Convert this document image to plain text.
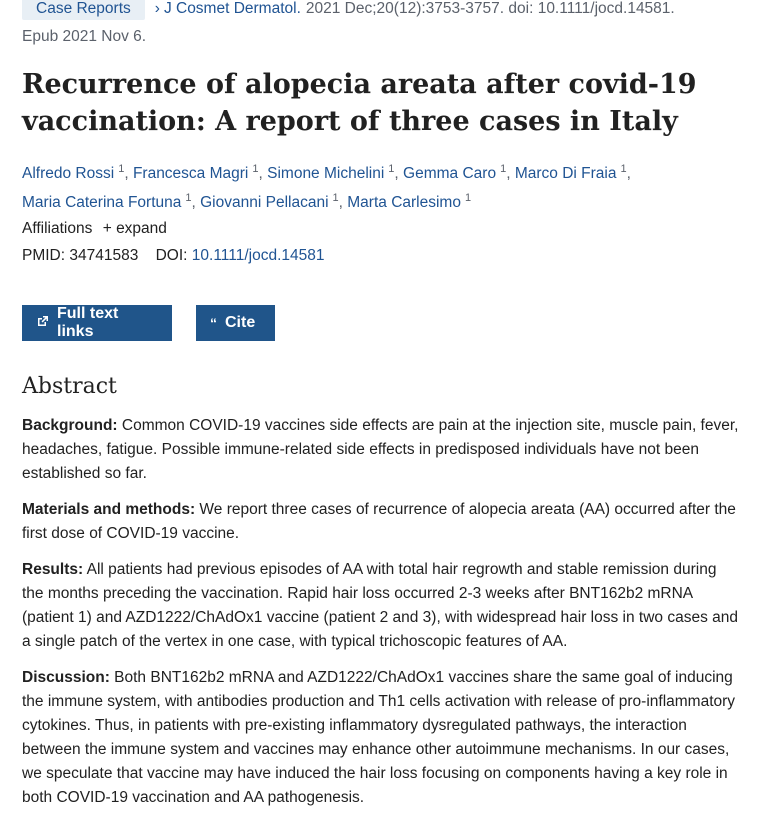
Case Reports	› J Cosmet Dermatol. 2021 Dec;20(12):3753-3757. doi: 10.1111/jocd.14581.
Epub 2021 Nov 6.
Recurrence of alopecia areata after covid-19 vaccination: A report of three cases in Italy
Alfredo Rossi $^1$, Francesca Magri $^1$, Simone Michelini $^1$, Gemma Caro $^1$, Marco Di Fraia $^1$,
Maria Caterina Fortuna $^1$, Giovanni Pellacani $^1$, Marta Carlesimo $^1$
Affiliations + expand
PMID: 34741583 DOI: 10.1111/jocd.14581
Full text links	“ Cite
Abstract

Background: Common COVID-19 vaccines side effects are pain at the injection site, muscle pain, fever, headaches, fatigue. Possible immune-related side effects in predisposed individuals have not been established so far.

Materials and methods: We report three cases of recurrence of alopecia areata (AA) occurred after the first dose of COVID-19 vaccine.

Results: All patients had previous episodes of AA with total hair regrowth and stable remission during the months preceding the vaccination. Rapid hair loss occurred 2-3 weeks after BNT162b2 mRNA (patient 1) and AZD1222/ChAdOx1 vaccine (patient 2 and 3), with widespread hair loss in two cases and a single patch of the vertex in one case, with typical trichoscopic features of AA.

Discussion: Both BNT162b2 mRNA and AZD1222/ChAdOx1 vaccines share the same goal of inducing the immune system, with antibodies production and Th1 cells activation with release of pro-inflammatory cytokines. Thus, in patients with pre-existing inflammatory dysregulated pathways, the interaction between the immune system and vaccines may enhance other autoimmune mechanisms. In our cases, we speculate that vaccine may have induced the hair loss focusing on components having a key role in both COVID-19 vaccination and AA pathogenesis.
